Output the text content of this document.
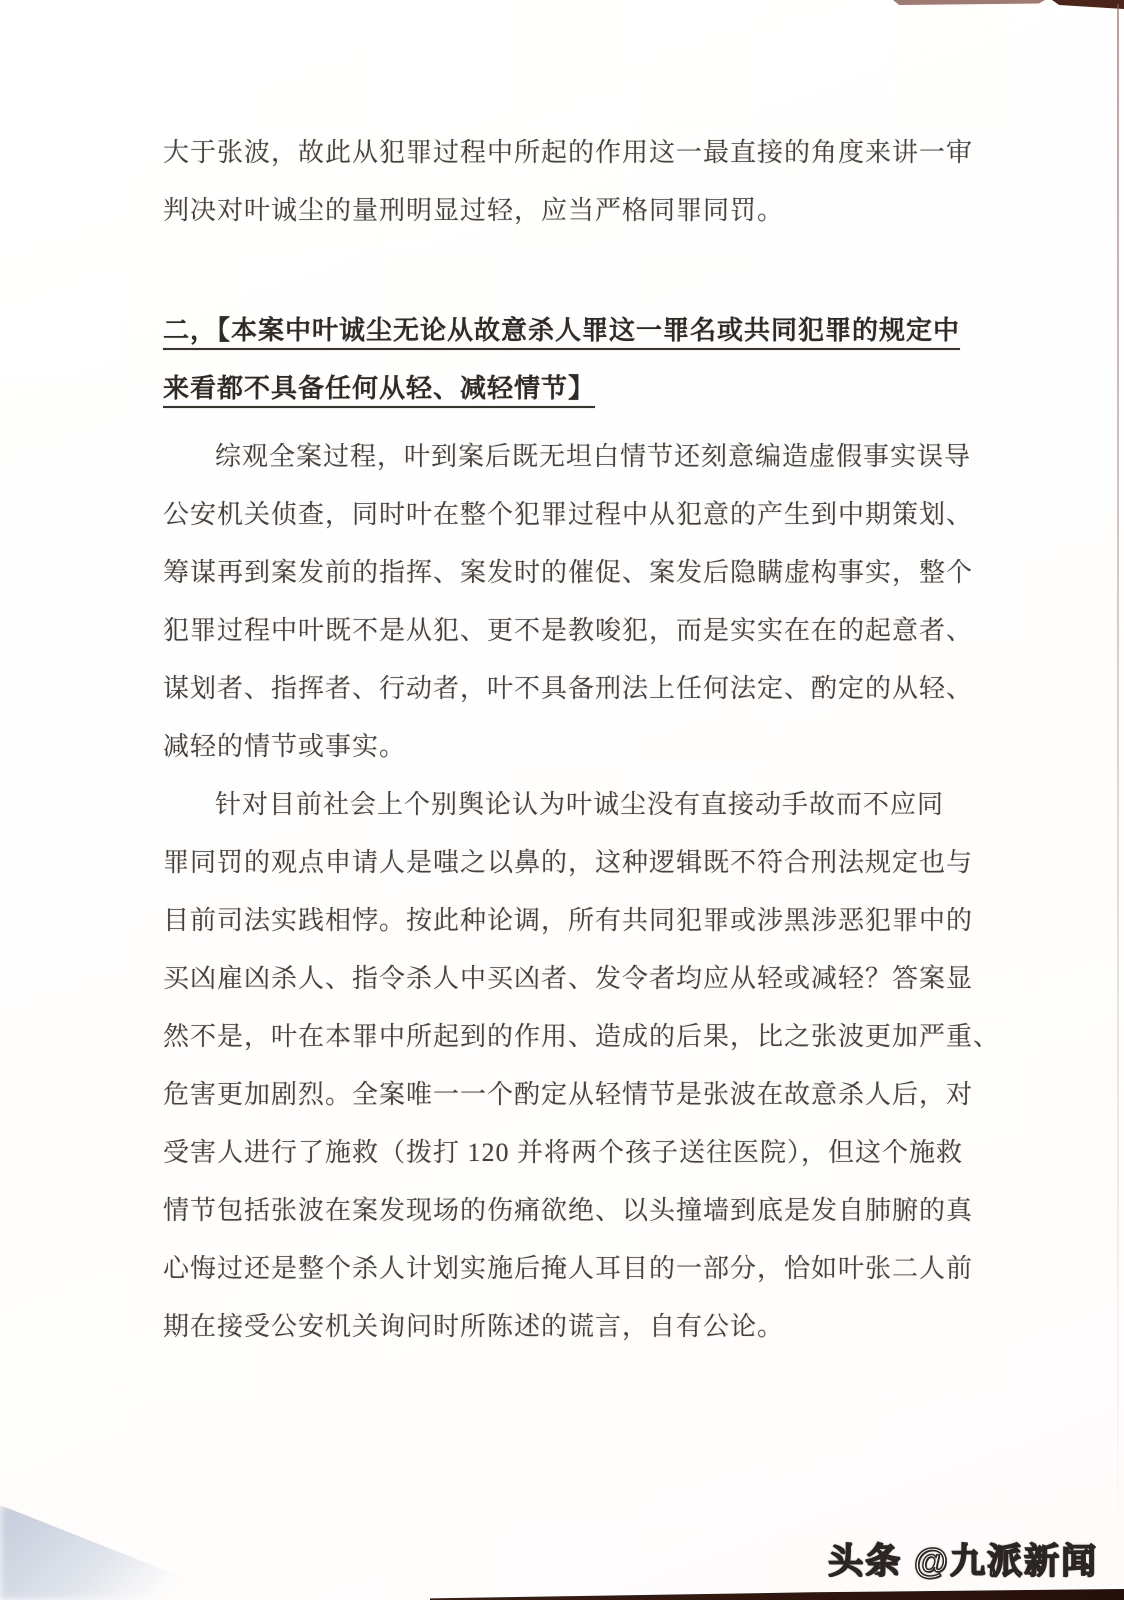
大于张波，故此从犯罪过程中所起的作用这一最直接的角度来讲一审
判决对叶诚尘的量刑明显过轻，应当严格同罪同罚。
二，【本案中叶诚尘无论从故意杀人罪这一罪名或共同犯罪的规定中
来看都不具备任何从轻、减轻情节】
综观全案过程，叶到案后既无坦白情节还刻意编造虚假事实误导
公安机关侦查，同时叶在整个犯罪过程中从犯意的产生到中期策划、
筹谋再到案发前的指挥、案发时的催促、案发后隐瞒虚构事实，整个
犯罪过程中叶既不是从犯、更不是教唆犯，而是实实在在的起意者、
谋划者、指挥者、行动者，叶不具备刑法上任何法定、酌定的从轻、
减轻的情节或事实。
针对目前社会上个别舆论认为叶诚尘没有直接动手故而不应同
罪同罚的观点申请人是嗤之以鼻的，这种逻辑既不符合刑法规定也与
目前司法实践相悖。按此种论调，所有共同犯罪或涉黑涉恶犯罪中的
买凶雇凶杀人、指令杀人中买凶者、发令者均应从轻或减轻？答案显
然不是，叶在本罪中所起到的作用、造成的后果，比之张波更加严重、
危害更加剧烈。全案唯一一个酌定从轻情节是张波在故意杀人后，对
受害人进行了施救（拨打 120 并将两个孩子送往医院），但这个施救
情节包括张波在案发现场的伤痛欲绝、以头撞墙到底是发自肺腑的真
心悔过还是整个杀人计划实施后掩人耳目的一部分，恰如叶张二人前
期在接受公安机关询问时所陈述的谎言，自有公论。
头条 @九派新闻
